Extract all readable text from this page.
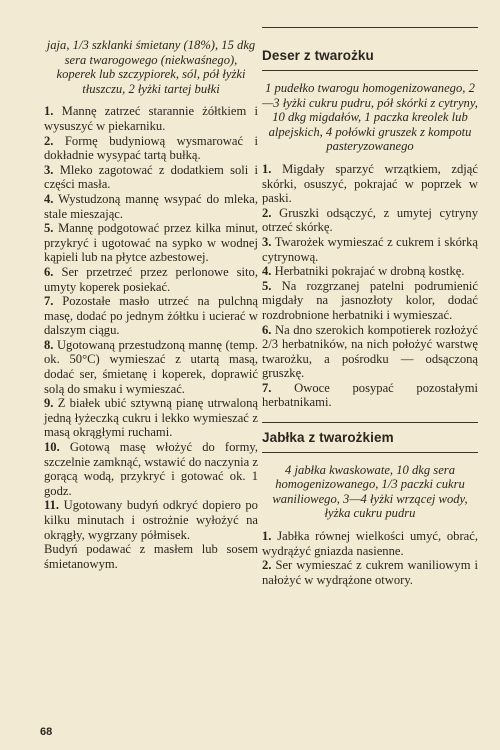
jaja, 1/3 szklanki śmietany (18%), 15 dkg sera twarogowego (niekwaśnego), koperek lub szczypiorek, sól, pół łyżki tłuszczu, 2 łyżki tartej bułki

1. Mannę zatrzeć starannie żółtkiem i wysuszyć w piekarniku.

2. Formę budyniową wysmarować i dokładnie wysypać tartą bułką.

3. Mleko zagotować z dodatkiem soli i części masła.

4. Wystudzoną mannę wsypać do mleka, stale mieszając.

5. Mannę podgotować przez kilka minut, przykryć i ugotować na sypko w wodnej kąpieli lub na płytce azbestowej.

6. Ser przetrzeć przez perlonowe sito, umyty koperek posiekać.

7. Pozostałe masło utrzeć na pulchną masę, dodać po jednym żółtku i ucierać w dalszym ciągu.

8. Ugotowaną przestudzoną mannę (temp. ok. 50°C) wymieszać z utartą masą, dodać ser, śmietanę i koperek, doprawić solą do smaku i wymieszać.

9. Z białek ubić sztywną pianę utrwaloną jedną łyżeczką cukru i lekko wymieszać z masą okrągłymi ruchami.

10. Gotową masę włożyć do formy, szczelnie zamknąć, wstawić do naczynia z gorącą wodą, przykryć i gotować ok. 1 godz.

11. Ugotowany budyń odkryć dopiero po kilku minutach i ostrożnie wyłożyć na okrągły, wygrzany półmisek.

Budyń podawać z masłem lub sosem śmietanowym.

Deser z twarożku

1 pudełko twarogu homogenizowanego, 2—3 łyżki cukru pudru, pół skórki z cytryny, 10 dkg migdałów, 1 paczka kreolek lub alpejskich, 4 połówki gruszek z kompotu pasteryzowanego

1. Migdały sparzyć wrzątkiem, zdjąć skórki, osuszyć, pokrajać w poprzek w paski.

2. Gruszki odsączyć, z umytej cytryny otrzeć skórkę.

3. Twarożek wymieszać z cukrem i skórką cytrynową.

4. Herbatniki pokrajać w drobną kostkę.

5. Na rozgrzanej patelni podrumienić migdały na jasnozłoty kolor, dodać rozdrobnione herbatniki i wymieszać.

6. Na dno szerokich kompotierek rozłożyć 2/3 herbatników, na nich położyć warstwę twarożku, a pośrodku — odsączoną gruszkę.

7. Owoce posypać pozostałymi herbatnikami.

Jabłka z twarożkiem

4 jabłka kwaskowate, 10 dkg sera homogenizowanego, 1/3 paczki cukru waniliowego, 3—4 łyżki wrzącej wody, łyżka cukru pudru

1. Jabłka równej wielkości umyć, obrać, wydrążyć gniazda nasienne.

2. Ser wymieszać z cukrem waniliowym i nałożyć w wydrążone otwory.

68
